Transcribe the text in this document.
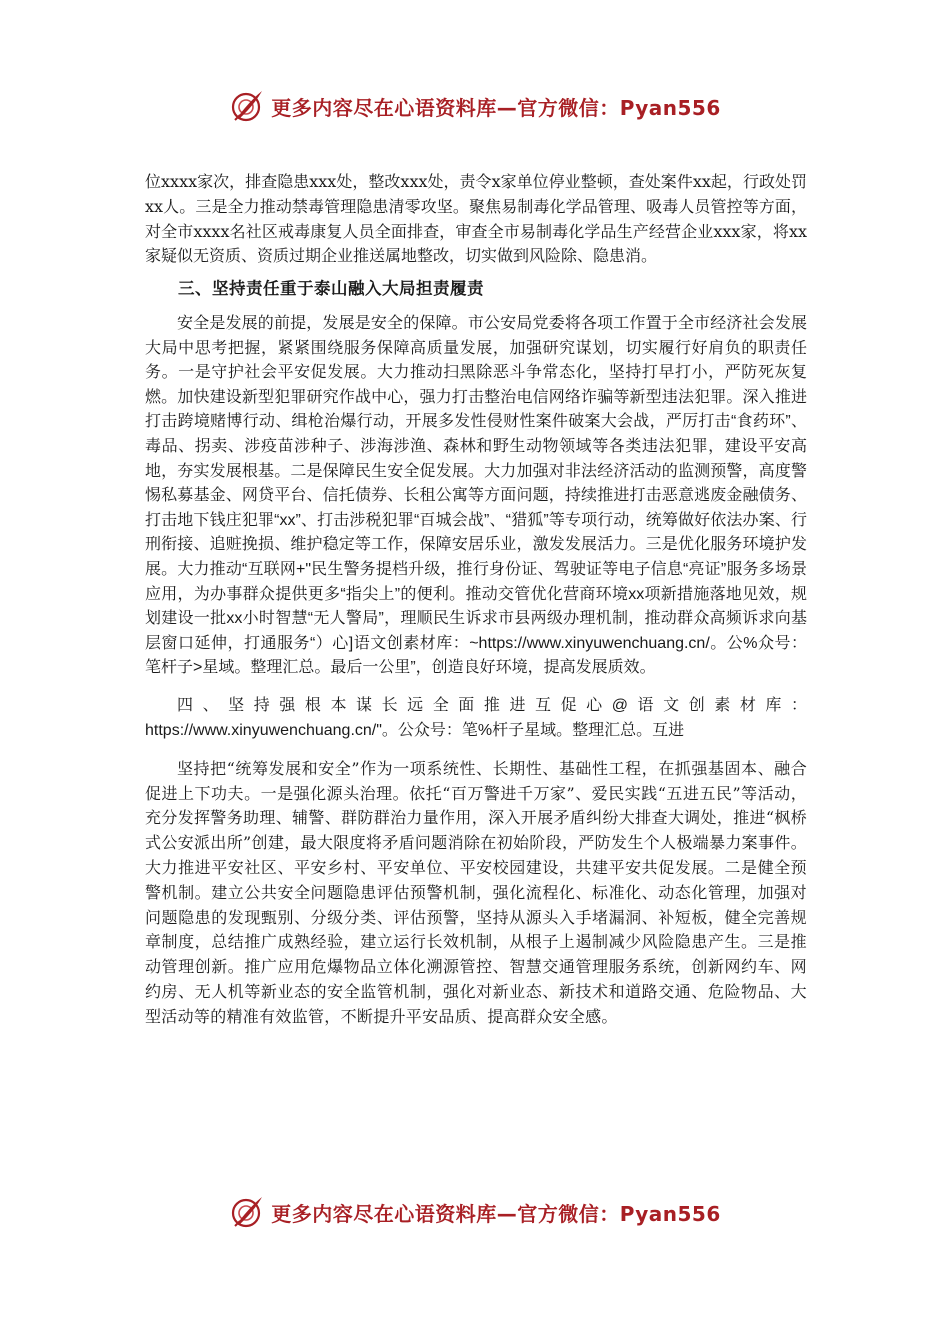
更多内容尽在心语资料库—官方微信：Pyan556

位xxxx家次，排查隐患xxx处，整改xxx处，责令x家单位停业整顿，查处案件xx起，行政处罚xx人。三是全力推动禁毒管理隐患清零攻坚。聚焦易制毒化学品管理、吸毒人员管控等方面，对全市xxxx名社区戒毒康复人员全面排查，审查全市易制毒化学品生产经营企业xxx家，将xx家疑似无资质、资质过期企业推送属地整改，切实做到风险除、隐患消。

三、坚持责任重于泰山融入大局担责履责

安全是发展的前提，发展是安全的保障。市公安局党委将各项工作置于全市经济社会发展大局中思考把握，紧紧围绕服务保障高质量发展，加强研究谋划，切实履行好肩负的职责任务。一是守护社会平安促发展。大力推动扫黑除恶斗争常态化，坚持打早打小，严防死灰复燃。加快建设新型犯罪研究作战中心，强力打击整治电信网络诈骗等新型违法犯罪。深入推进打击跨境赌博行动、缉枪治爆行动，开展多发性侵财性案件破案大会战，严厉打击“食药环”、毒品、拐卖、涉疫苗涉种子、涉海涉渔、森林和野生动物领域等各类违法犯罪，建设平安高地，夯实发展根基。二是保障民生安全促发展。大力加强对非法经济活动的监测预警，高度警惕私募基金、网贷平台、信托债券、长租公寓等方面问题，持续推进打击恶意逃废金融债务、打击地下钱庄犯罪“xx”、打击涉税犯罪“百城会战”、“猎狐”等专项行动，统筹做好依法办案、行刑衔接、追赃挽损、维护稳定等工作，保障安居乐业，激发发展活力。三是优化服务环境护发展。大力推动“互联网+"民生警务提档升级，推行身份证、驾驶证等电子信息“亮证”服务多场景应用，为办事群众提供更多“指尖上”的便利。推动交管优化营商环境xx项新措施落地见效，规划建设一批xx小时智慧“无人警局”，理顺民生诉求市县两级办理机制，推动群众高频诉求向基层窗口延伸，打通服务“）心]语文创素材库：~https://www.xinyuwenchuang.cn/。公%众号：笔杆子>星域。整理汇总。最后一公里”，创造良好环境，提高发展质效。

四、坚持强根本谋长远全面推进互促心@语文创素材库：https://www.xinyuwenchuang.cn/"。公众号：笔%杆子星域。整理汇总。互进

坚持把“统筹发展和安全”作为一项系统性、长期性、基础性工程，在抓强基固本、融合促进上下功夫。一是强化源头治理。依托“百万警进千万家”、爱民实践“五进五民”等活动，充分发挥警务助理、辅警、群防群治力量作用，深入开展矛盾纠纷大排查大调处，推进“枫桥式公安派出所”创建，最大限度将矛盾问题消除在初始阶段，严防发生个人极端暴力案事件。大力推进平安社区、平安乡村、平安单位、平安校园建设，共建平安共促发展。二是健全预警机制。建立公共安全问题隐患评估预警机制，强化流程化、标准化、动态化管理，加强对问题隐患的发现甄别、分级分类、评估预警，坚持从源头入手堵漏洞、补短板，健全完善规章制度，总结推广成熟经验，建立运行长效机制，从根子上遏制减少风险隐患产生。三是推动管理创新。推广应用危爆物品立体化溯源管控、智慧交通管理服务系统，创新网约车、网约房、无人机等新业态的安全监管机制，强化对新业态、新技术和道路交通、危险物品、大型活动等的精准有效监管，不断提升平安品质、提高群众安全感。

更多内容尽在心语资料库—官方微信：Pyan556
